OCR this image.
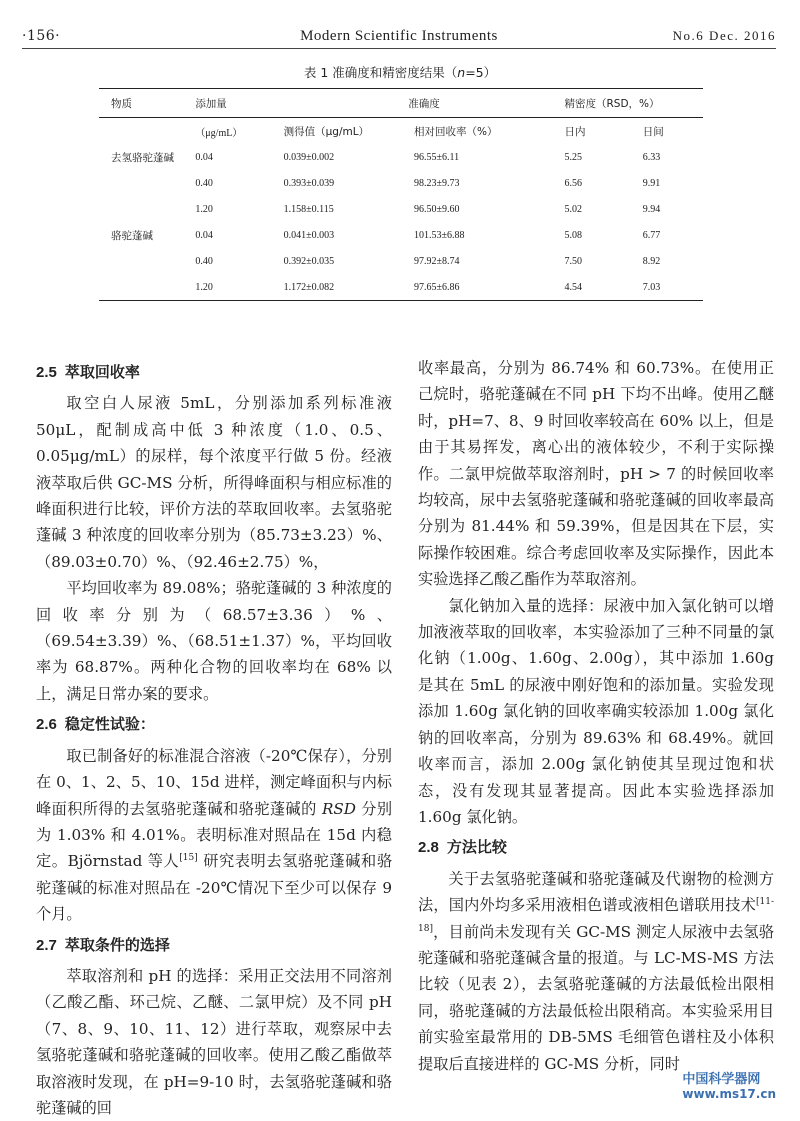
·156·	Modern Scientific Instruments	No.6 Dec. 2016
表 1 准确度和精密度结果（n=5）
物质	添加量	准确度		精密度（RSD，%）	
	（μg/mL）	测得值（μg/mL）	相对回收率（%）	日内	日间
去氢骆驼蓬碱	0.04	0.039±0.002	96.55±6.11	5.25	6.33
	0.40	0.393±0.039	98.23±9.73	6.56	9.91
	1.20	1.158±0.115	96.50±9.60	5.02	9.94
骆驼蓬碱	0.04	0.041±0.003	101.53±6.88	5.08	6.77
	0.40	0.392±0.035	97.92±8.74	7.50	8.92
	1.20	1.172±0.082	97.65±6.86	4.54	7.03
2.5 萃取回收率

取空白人尿液 5mL，分别添加系列标准液 50μL，配制成高中低 3 种浓度（1.0、0.5、0.05μg/mL）的尿样，每个浓度平行做 5 份。经液液萃取后供 GC-MS 分析，所得峰面积与相应标准的峰面积进行比较，评价方法的萃取回收率。去氢骆驼蓬碱 3 种浓度的回收率分别为（85.73±3.23）%、（89.03±0.70）%、（92.46±2.75）%，

平均回收率为 89.08%；骆驼蓬碱的 3 种浓度的回收率分别为（68.57±3.36）%、（69.54±3.39）%、（68.51±1.37）%，平均回收率为 68.87%。两种化合物的回收率均在 68% 以上，满足日常办案的要求。

2.6 稳定性试验：

取已制备好的标准混合溶液（-20℃保存），分别在 0、1、2、5、10、15d 进样，测定峰面积与内标峰面积所得的去氢骆驼蓬碱和骆驼蓬碱的 RSD 分别为 1.03% 和 4.01%。表明标准对照品在 15d 内稳定。Björnstad 等人[15] 研究表明去氢骆驼蓬碱和骆驼蓬碱的标准对照品在 -20℃情况下至少可以保存 9 个月。

2.7 萃取条件的选择

萃取溶剂和 pH 的选择：采用正交法用不同溶剂（乙酸乙酯、环己烷、乙醚、二氯甲烷）及不同 pH（7、8、9、10、11、12）进行萃取，观察尿中去氢骆驼蓬碱和骆驼蓬碱的回收率。使用乙酸乙酯做萃取溶液时发现，在 pH=9-10 时，去氢骆驼蓬碱和骆驼蓬碱的回

收率最高，分别为 86.74% 和 60.73%。在使用正己烷时，骆驼蓬碱在不同 pH 下均不出峰。使用乙醚时，pH=7、8、9 时回收率较高在 60% 以上，但是由于其易挥发，离心出的液体较少，不利于实际操作。二氯甲烷做萃取溶剂时，pH > 7 的时候回收率均较高，尿中去氢骆驼蓬碱和骆驼蓬碱的回收率最高分别为 81.44% 和 59.39%，但是因其在下层，实际操作较困难。综合考虑回收率及实际操作，因此本实验选择乙酸乙酯作为萃取溶剂。

氯化钠加入量的选择：尿液中加入氯化钠可以增加液液萃取的回收率，本实验添加了三种不同量的氯化钠（1.00g、1.60g、2.00g），其中添加 1.60g 是其在 5mL 的尿液中刚好饱和的添加量。实验发现添加 1.60g 氯化钠的回收率确实较添加 1.00g 氯化钠的回收率高，分别为 89.63% 和 68.49%。就回收率而言，添加 2.00g 氯化钠使其呈现过饱和状态，没有发现其显著提高。因此本实验选择添加 1.60g 氯化钠。

2.8 方法比较

关于去氢骆驼蓬碱和骆驼蓬碱及代谢物的检测方法，国内外均多采用液相色谱或液相色谱联用技术[11-18]，目前尚未发现有关 GC-MS 测定人尿液中去氢骆驼蓬碱和骆驼蓬碱含量的报道。与 LC-MS-MS 方法比较（见表 2），去氢骆驼蓬碱的方法最低检出限相同，骆驼蓬碱的方法最低检出限稍高。本实验采用目前实验室最常用的 DB-5MS 毛细管色谱柱及小体积提取后直接进样的 GC-MS 分析，同时

中国科学器网
www.ms17.cn
